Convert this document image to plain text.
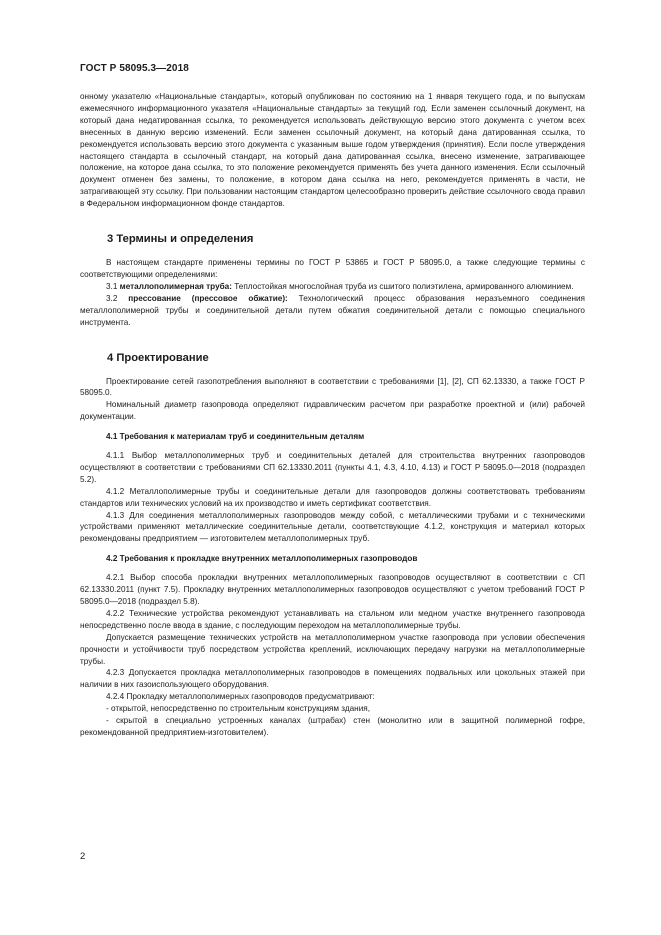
ГОСТ Р 58095.3—2018

онному указателю «Национальные стандарты», который опубликован по состоянию на 1 января текущего года, и по выпускам ежемесячного информационного указателя «Национальные стандарты» за текущий год. Если заменен ссылочный документ, на который дана недатированная ссылка, то рекомендуется использовать действующую версию этого документа с учетом всех внесенных в данную версию изменений. Если заменен ссылочный документ, на который дана датированная ссылка, то рекомендуется использовать версию этого документа с указанным выше годом утверждения (принятия). Если после утверждения настоящего стандарта в ссылочный стандарт, на который дана датированная ссылка, внесено изменение, затрагивающее положение, на которое дана ссылка, то это положение рекомендуется применять без учета данного изменения. Если ссылочный документ отменен без замены, то положение, в котором дана ссылка на него, рекомендуется применять в части, не затрагивающей эту ссылку. При пользовании настоящим стандартом целесообразно проверить действие ссылочного свода правил в Федеральном информационном фонде стандартов.

3 Термины и определения

В настоящем стандарте применены термины по ГОСТ Р 53865 и ГОСТ Р 58095.0, а также следующие термины с соответствующими определениями:

3.1 металлополимерная труба: Теплостойкая многослойная труба из сшитого полиэтилена, армированного алюминием.

3.2 прессование (прессовое обжатие): Технологический процесс образования неразъемного соединения металлополимерной трубы и соединительной детали путем обжатия соединительной детали с помощью специального инструмента.

4 Проектирование

Проектирование сетей газопотребления выполняют в соответствии с требованиями [1], [2], СП 62.13330, а также ГОСТ Р 58095.0.

Номинальный диаметр газопровода определяют гидравлическим расчетом при разработке проектной и (или) рабочей документации.

4.1 Требования к материалам труб и соединительным деталям

4.1.1 Выбор металлополимерных труб и соединительных деталей для строительства внутренних газопроводов осуществляют в соответствии с требованиями СП 62.13330.2011 (пункты 4.1, 4.3, 4.10, 4.13) и ГОСТ Р 58095.0—2018 (подраздел 5.2).

4.1.2 Металлополимерные трубы и соединительные детали для газопроводов должны соответствовать требованиям стандартов или технических условий на их производство и иметь сертификат соответствия.

4.1.3 Для соединения металлополимерных газопроводов между собой, с металлическими трубами и с техническими устройствами применяют металлические соединительные детали, соответствующие 4.1.2, конструкция и материал которых рекомендованы предприятием — изготовителем металлополимерных труб.

4.2 Требования к прокладке внутренних металлополимерных газопроводов

4.2.1 Выбор способа прокладки внутренних металлополимерных газопроводов осуществляют в соответствии с СП 62.13330.2011 (пункт 7.5). Прокладку внутренних металлополимерных газопроводов осуществляют с учетом требований ГОСТ Р 58095.0—2018 (подраздел 5.8).

4.2.2 Технические устройства рекомендуют устанавливать на стальном или медном участке внутреннего газопровода непосредственно после ввода в здание, с последующим переходом на металлополимерные трубы.

Допускается размещение технических устройств на металлополимерном участке газопровода при условии обеспечения прочности и устойчивости труб посредством устройства креплений, исключающих передачу нагрузки на металлополимерные трубы.

4.2.3 Допускается прокладка металлополимерных газопроводов в помещениях подвальных или цокольных этажей при наличии в них газоиспользующего оборудования.

4.2.4 Прокладку металлополимерных газопроводов предусматривают:

- открытой, непосредственно по строительным конструкциям здания,

- скрытой в специально устроенных каналах (штрабах) стен (монолитно или в защитной полимерной гофре, рекомендованной предприятием-изготовителем).

2
